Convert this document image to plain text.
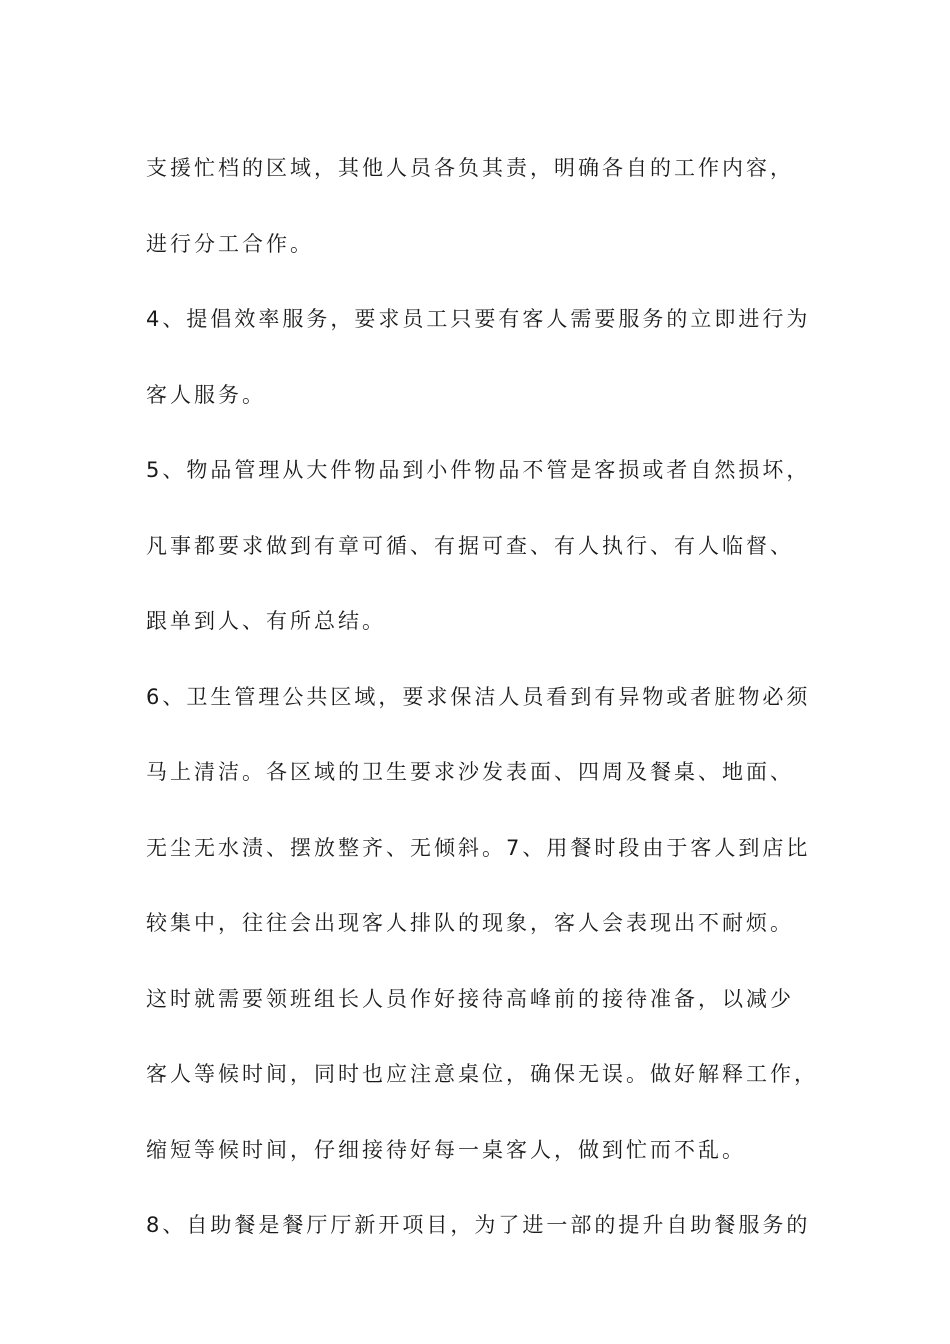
支援忙档的区域，其他人员各负其责，明确各自的工作内容，

进行分工合作。

4、提倡效率服务，要求员工只要有客人需要服务的立即进行为

客人服务。

5、物品管理从大件物品到小件物品不管是客损或者自然损坏，

凡事都要求做到有章可循、有据可查、有人执行、有人临督、

跟单到人、有所总结。

6、卫生管理公共区域，要求保洁人员看到有异物或者脏物必须

马上清洁。各区域的卫生要求沙发表面、四周及餐桌、地面、

无尘无水渍、摆放整齐、无倾斜。7、用餐时段由于客人到店比

较集中，往往会出现客人排队的现象，客人会表现出不耐烦。

这时就需要领班组长人员作好接待高峰前的接待准备，以减少

客人等候时间，同时也应注意桌位，确保无误。做好解释工作，

缩短等候时间，仔细接待好每一桌客人，做到忙而不乱。

8、自助餐是餐厅厅新开项目，为了进一部的提升自助餐服务的
